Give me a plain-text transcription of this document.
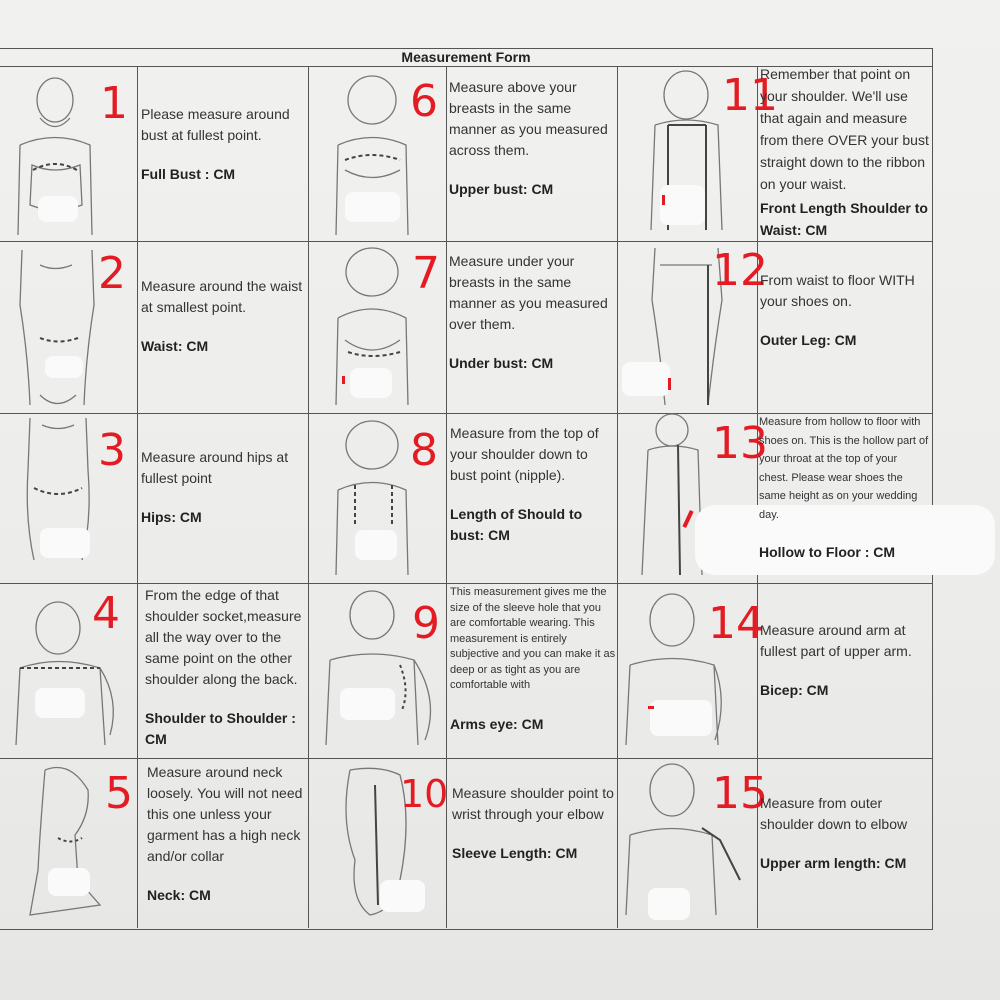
Measurement Form
1
2
3
4
5
6
7
8
9
10
11
12
13
14
15
Please measure around bust at fullest point.
Full Bust : CM
Measure around the waist at smallest point.
Waist: CM
Measure around hips at fullest point
Hips: CM
From the edge of that shoulder socket,measure all the way over to the same point on the other shoulder along the back.
Shoulder to Shoulder : CM
Measure around neck loosely. You will not need this one unless your garment has a high neck and/or collar
Neck: CM
Measure above your breasts in the same manner as you measured across them.
Upper bust: CM
Measure under your breasts in the same manner as you measured over them.
Under bust: CM
Measure from the top of your shoulder down to bust point (nipple).
Length of Should to bust: CM
This measurement gives me the size of the sleeve hole that you are comfortable wearing. This measurement is entirely subjective and you can make it as deep or as tight as you are comfortable with
Arms eye: CM
Measure shoulder point to wrist through your elbow
Sleeve Length: CM
Remember that point on your shoulder. We'll use that again and measure from there OVER your bust straight down to the ribbon on your waist.
Front Length Shoulder to Waist: CM
From waist to floor WITH your shoes on.
Outer Leg: CM
Measure from hollow to floor with shoes on. This is the hollow part of your throat at the top of your chest. Please wear shoes the same height as on your wedding day.
Hollow to Floor : CM
Measure around arm at fullest part of upper arm.
Bicep: CM
Measure from outer shoulder down to elbow
Upper arm length: CM
